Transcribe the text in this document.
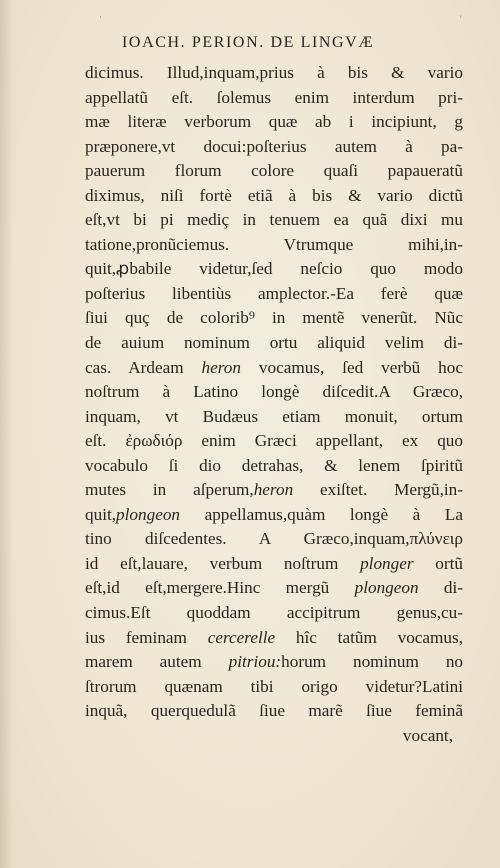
·	'
IOACH. PERION. DE LINGVÆ
dicimus. Illud,inquam,prius à bis & vario
appellatũ eſt. ſolemus enim interdum pri-
mæ literæ verborum quæ ab i incipiunt, g
præponere,vt docui:poſterius autem à pa-
pauerum florum colore quaſi papaueratũ
diximus, niſi fortè etiã à bis & vario dictũ
eſt,vt bi pi mediç in tenuem ea quã dixi mu
tatione,pronũciemus. Vtrumque mihi,in-
quit,ꝓbabile videtur,ſed neſcio quo modo
poſterius libentiùs amplector.-Ea ferè quæ
ſiui quç de colorib⁹ in mentẽ venerũt. Nũc
de auium nominum ortu aliquid velim di-
cas. Ardeam heron vocamus, ſed verbũ hoc
noſtrum à Latino longè diſcedit.A Græco,
inquam, vt Budæus etiam monuit, ortum
eſt. ἐρωδιόρ enim Græci appellant, ex quo
vocabulo ſi dio detrahas, & lenem ſpiritũ
mutes in aſperum,heron exiſtet. Mergũ,in-
quit,plongeon appellamus,quàm longè à La
tino diſcedentes. A Græco,inquam,πλύνειρ
id eſt,lauare, verbum noſtrum plonger ortũ
eſt,id eſt,mergere.Hinc mergũ plongeon di-
cimus.Eſt quoddam accipitrum genus,cu-
ius feminam cercerelle hîc tatũm vocamus,
marem autem pitriou:horum nominum no
ſtrorum quænam tibi origo videtur?Latini
inquã, querquedulã ſiue marẽ ſiue feminã
vocant,
